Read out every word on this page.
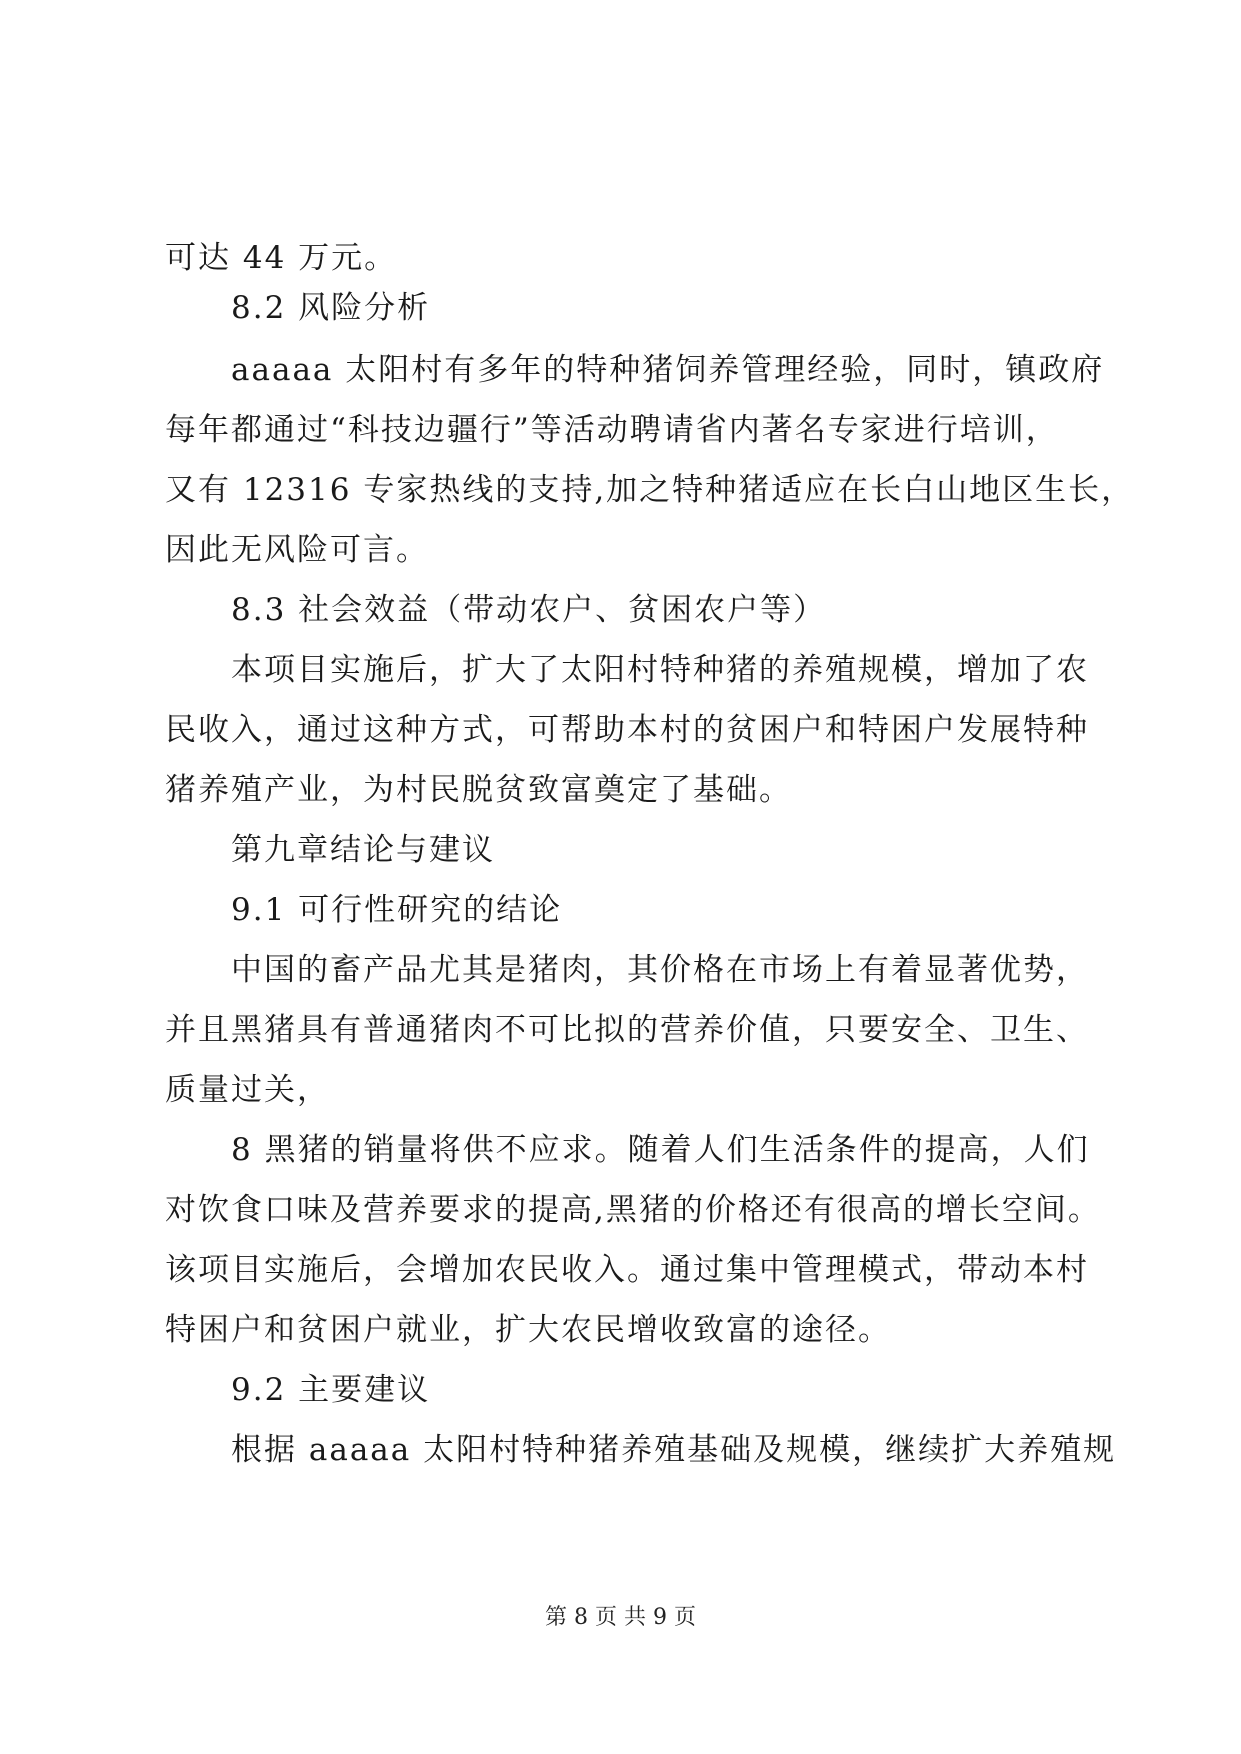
可达 44 万元。
8.2 风险分析
aaaaa 太阳村有多年的特种猪饲养管理经验，同时，镇政府
每年都通过“科技边疆行”等活动聘请省内著名专家进行培训，
又有 12316 专家热线的支持,加之特种猪适应在长白山地区生长，
因此无风险可言。
8.3 社会效益（带动农户、贫困农户等）
本项目实施后，扩大了太阳村特种猪的养殖规模，增加了农
民收入，通过这种方式，可帮助本村的贫困户和特困户发展特种
猪养殖产业，为村民脱贫致富奠定了基础。
第九章结论与建议
9.1 可行性研究的结论
中国的畜产品尤其是猪肉，其价格在市场上有着显著优势，
并且黑猪具有普通猪肉不可比拟的营养价值，只要安全、卫生、
质量过关，
8 黑猪的销量将供不应求。随着人们生活条件的提高，人们
对饮食口味及营养要求的提高,黑猪的价格还有很高的增长空间。
该项目实施后，会增加农民收入。通过集中管理模式，带动本村
特困户和贫困户就业，扩大农民增收致富的途径。
9.2 主要建议
根据 aaaaa 太阳村特种猪养殖基础及规模，继续扩大养殖规
第 8 页 共 9 页
